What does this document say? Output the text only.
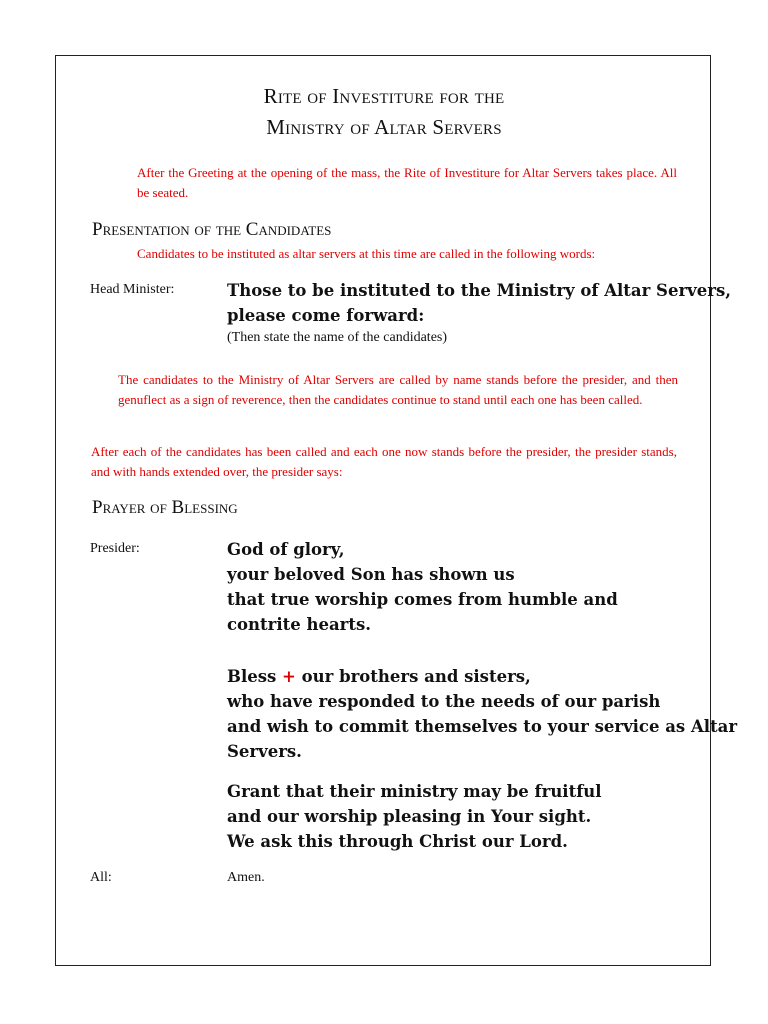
Rite of Investiture for the
Ministry of Altar Servers
After the Greeting at the opening of the mass, the Rite of Investiture for Altar Servers takes place. All be seated.
Presentation of the Candidates
Candidates to be instituted as altar servers at this time are called in the following words:
Head Minister:	Those to be instituted to the Ministry of Altar Servers,
please come forward:
(Then state the name of the candidates)
The candidates to the Ministry of Altar Servers are called by name stands before the presider, and then genuflect as a sign of reverence, then the candidates continue to stand until each one has been called.
After each of the candidates has been called and each one now stands before the presider, the presider stands, and with hands extended over, the presider says:
Prayer of Blessing
Presider:	God of glory,
your beloved Son has shown us
that true worship comes from humble and
contrite hearts.
Bless + our brothers and sisters,
who have responded to the needs of our parish
and wish to commit themselves to your service as Altar
Servers.
Grant that their ministry may be fruitful
and our worship pleasing in Your sight.
We ask this through Christ our Lord.
All:	Amen.
